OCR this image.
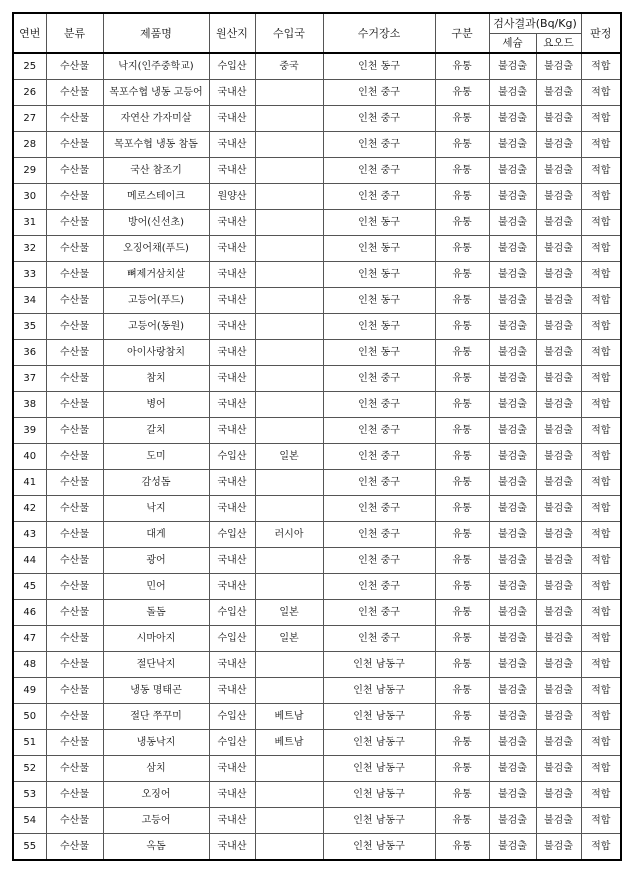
연번	분류	제품명	원산지	수입국	수거장소	구분	검사결과(Bq/Kg)		판정
							세슘	요오드	
25	수산물	낙지(인주중학교)	수입산	중국	인천 동구	유통	불검출	불검출	적합
26	수산물	목포수협 냉동 고등어	국내산		인천 중구	유통	불검출	불검출	적합
27	수산물	자연산 가자미살	국내산		인천 중구	유통	불검출	불검출	적합
28	수산물	목포수협 냉동 참돔	국내산		인천 중구	유통	불검출	불검출	적합
29	수산물	국산 참조기	국내산		인천 중구	유통	불검출	불검출	적합
30	수산물	메로스테이크	원양산		인천 중구	유통	불검출	불검출	적합
31	수산물	방어(신선초)	국내산		인천 동구	유통	불검출	불검출	적합
32	수산물	오징어채(푸드)	국내산		인천 동구	유통	불검출	불검출	적합
33	수산물	뼈제거삼치살	국내산		인천 동구	유통	불검출	불검출	적합
34	수산물	고등어(푸드)	국내산		인천 동구	유통	불검출	불검출	적합
35	수산물	고등어(동원)	국내산		인천 동구	유통	불검출	불검출	적합
36	수산물	아이사랑참치	국내산		인천 동구	유통	불검출	불검출	적합
37	수산물	참치	국내산		인천 중구	유통	불검출	불검출	적합
38	수산물	병어	국내산		인천 중구	유통	불검출	불검출	적합
39	수산물	갈치	국내산		인천 중구	유통	불검출	불검출	적합
40	수산물	도미	수입산	일본	인천 중구	유통	불검출	불검출	적합
41	수산물	감성돔	국내산		인천 중구	유통	불검출	불검출	적합
42	수산물	낙지	국내산		인천 중구	유통	불검출	불검출	적합
43	수산물	대게	수입산	러시아	인천 중구	유통	불검출	불검출	적합
44	수산물	광어	국내산		인천 중구	유통	불검출	불검출	적합
45	수산물	민어	국내산		인천 중구	유통	불검출	불검출	적합
46	수산물	돌돔	수입산	일본	인천 중구	유통	불검출	불검출	적합
47	수산물	시마아지	수입산	일본	인천 중구	유통	불검출	불검출	적합
48	수산물	절단낙지	국내산		인천 남동구	유통	불검출	불검출	적합
49	수산물	냉동 명태곤	국내산		인천 남동구	유통	불검출	불검출	적합
50	수산물	절단 쭈꾸미	수입산	베트남	인천 남동구	유통	불검출	불검출	적합
51	수산물	냉동낙지	수입산	베트남	인천 남동구	유통	불검출	불검출	적합
52	수산물	삼치	국내산		인천 남동구	유통	불검출	불검출	적합
53	수산물	오징어	국내산		인천 남동구	유통	불검출	불검출	적합
54	수산물	고등어	국내산		인천 남동구	유통	불검출	불검출	적합
55	수산물	옥돔	국내산		인천 남동구	유통	불검출	불검출	적합
